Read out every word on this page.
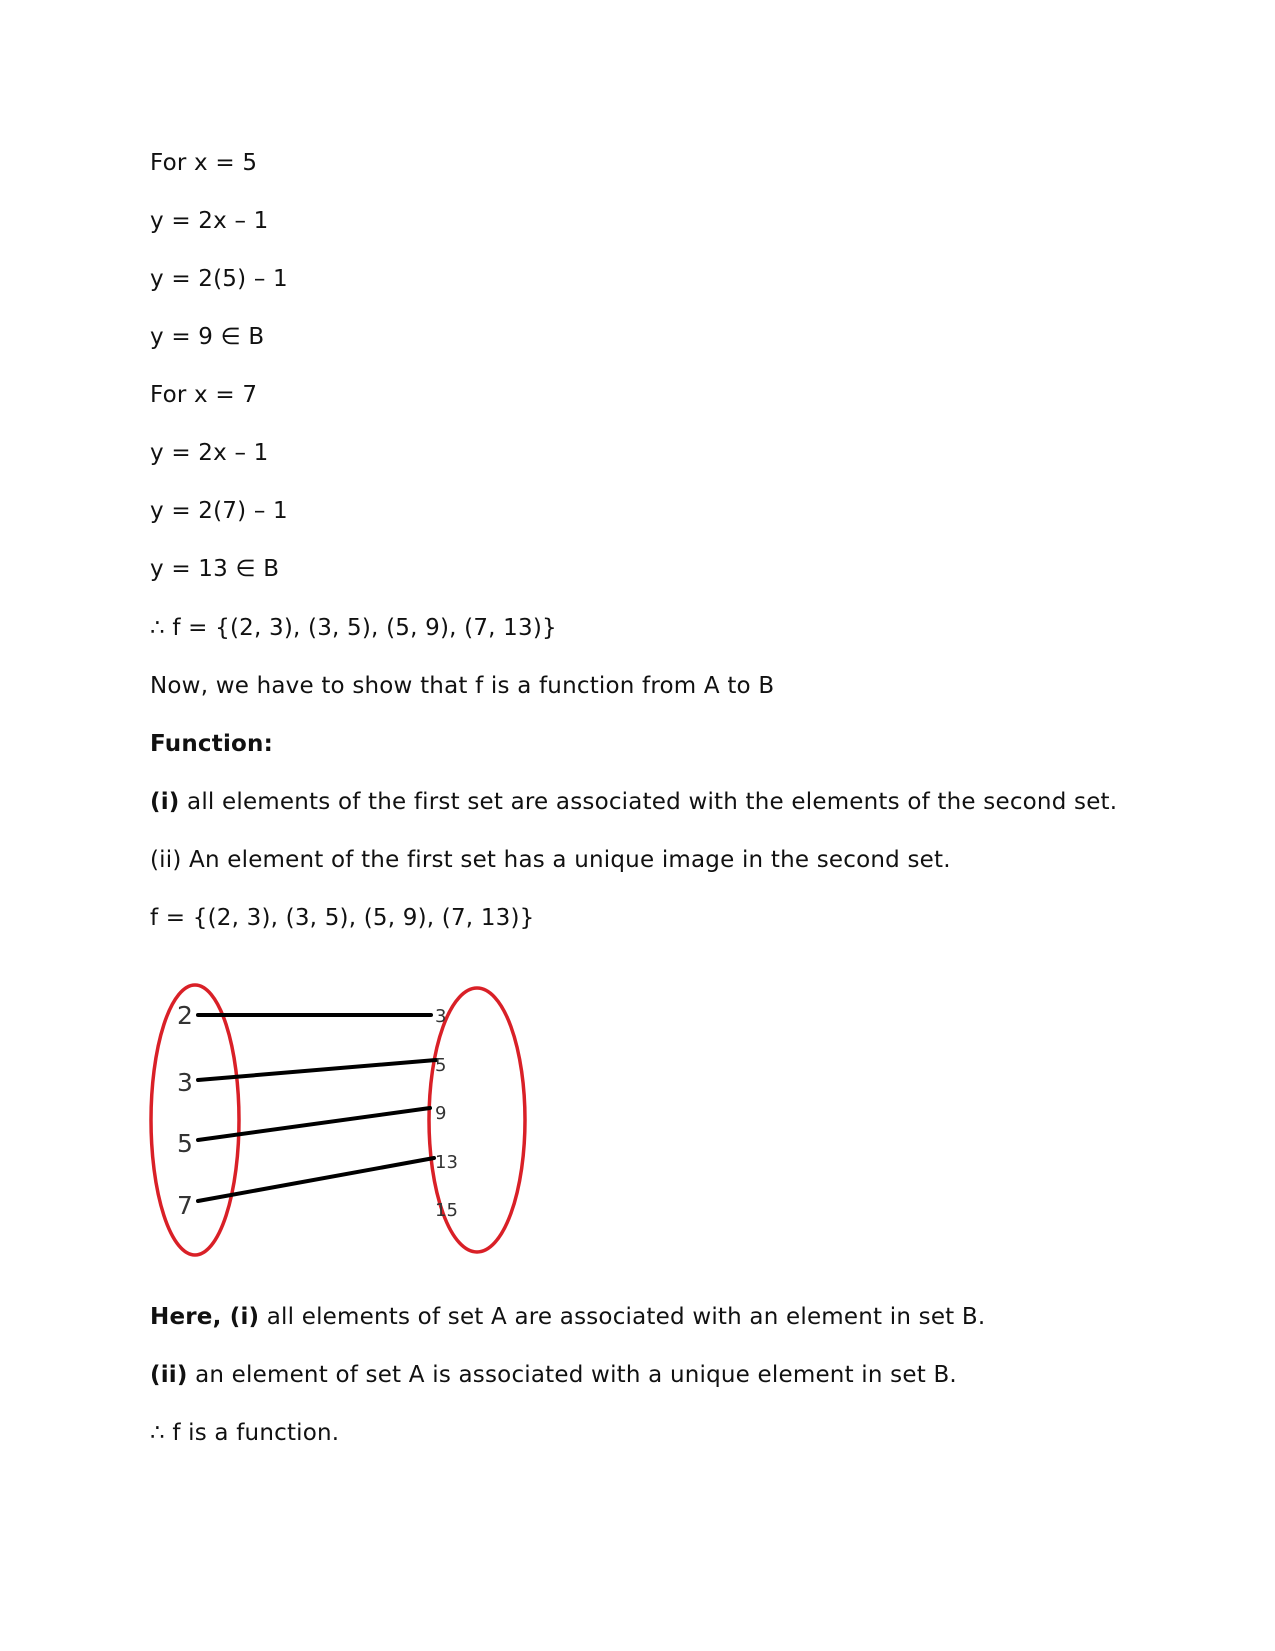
For x = 5
y = 2x – 1
y = 2(5) – 1
y = 9 ∈ B
For x = 7
y = 2x – 1
y = 2(7) – 1
y = 13 ∈ B
∴ f = {(2, 3), (3, 5), (5, 9), (7, 13)}
Now, we have to show that f is a function from A to B
Function:
(i) all elements of the first set are associated with the elements of the second set.
(ii) An element of the first set has a unique image in the second set.
f = {(2, 3), (3, 5), (5, 9), (7, 13)}
2
3
5
7
3
5
9
13
15
Here, (i) all elements of set A are associated with an element in set B.
(ii) an element of set A is associated with a unique element in set B.
∴ f is a function.
